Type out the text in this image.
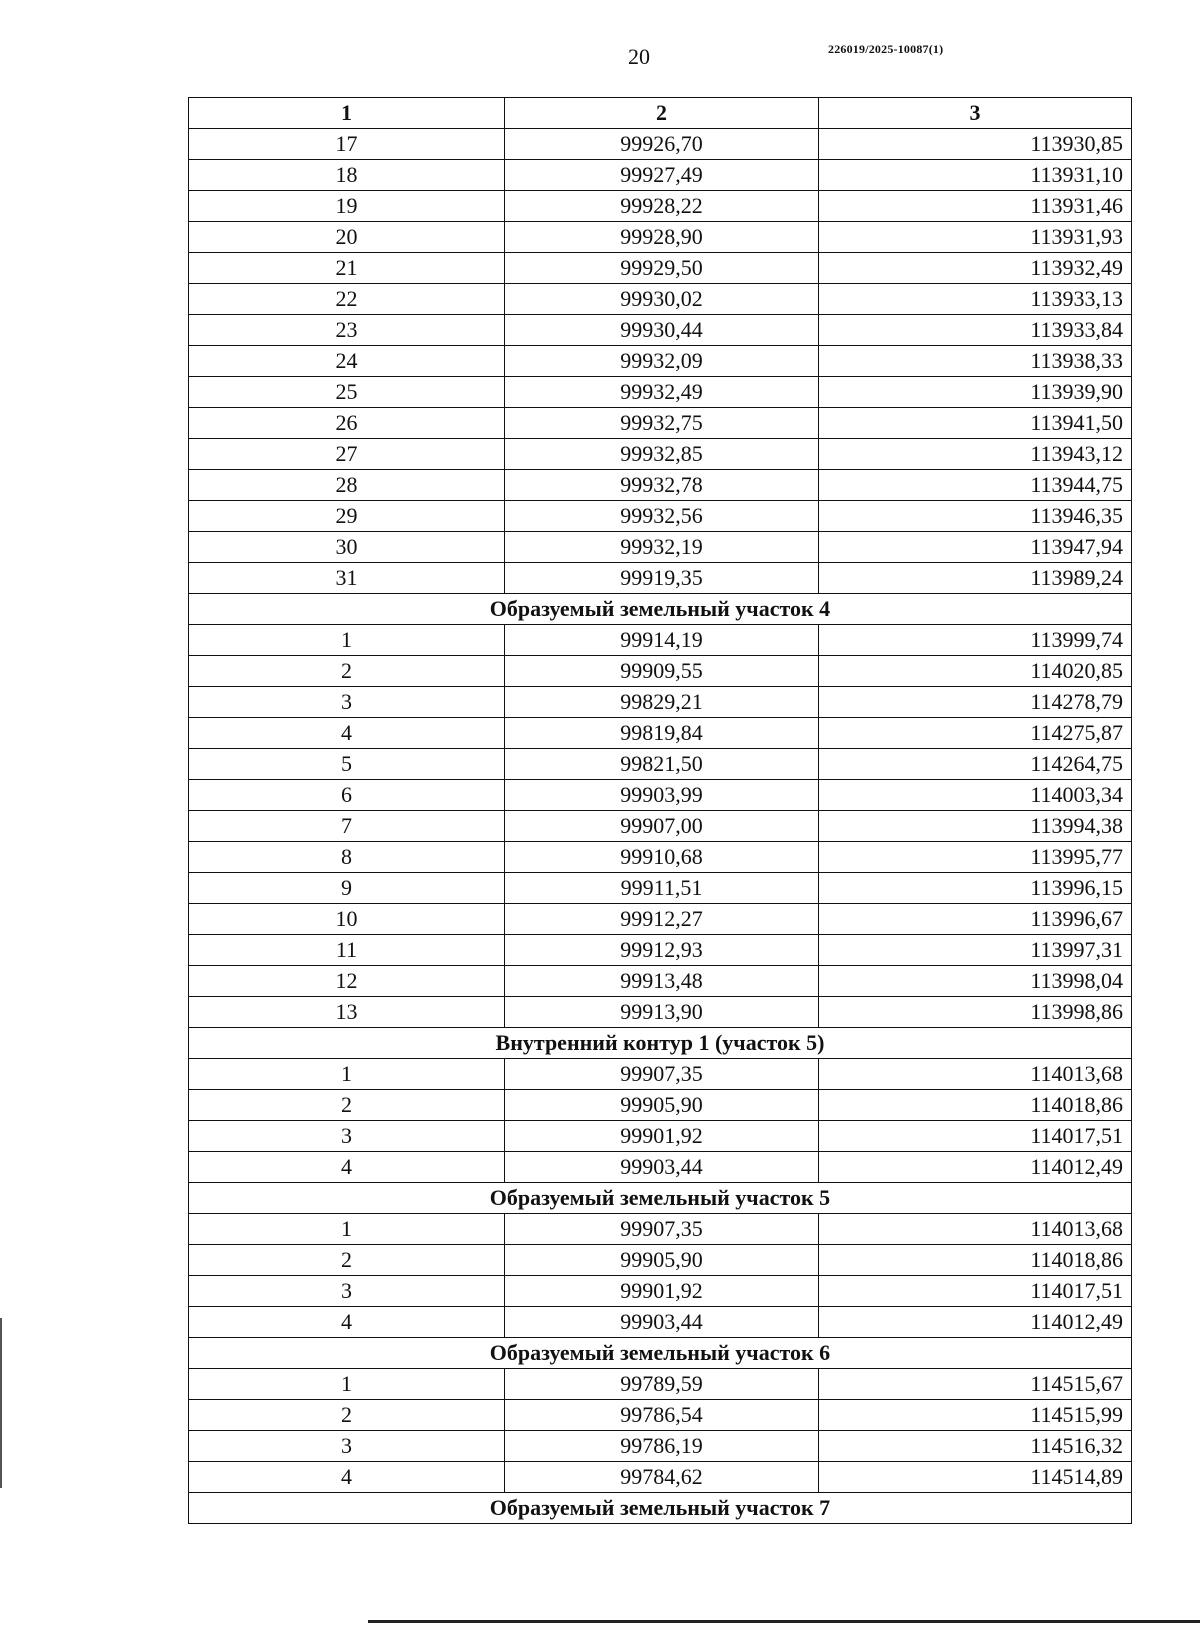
20	226019/2025-10087(1)
1	2	3
17	99926,70	113930,85
18	99927,49	113931,10
19	99928,22	113931,46
20	99928,90	113931,93
21	99929,50	113932,49
22	99930,02	113933,13
23	99930,44	113933,84
24	99932,09	113938,33
25	99932,49	113939,90
26	99932,75	113941,50
27	99932,85	113943,12
28	99932,78	113944,75
29	99932,56	113946,35
30	99932,19	113947,94
31	99919,35	113989,24
Образуемый земельный участок 4		
1	99914,19	113999,74
2	99909,55	114020,85
3	99829,21	114278,79
4	99819,84	114275,87
5	99821,50	114264,75
6	99903,99	114003,34
7	99907,00	113994,38
8	99910,68	113995,77
9	99911,51	113996,15
10	99912,27	113996,67
11	99912,93	113997,31
12	99913,48	113998,04
13	99913,90	113998,86
Внутренний контур 1 (участок 5)		
1	99907,35	114013,68
2	99905,90	114018,86
3	99901,92	114017,51
4	99903,44	114012,49
Образуемый земельный участок 5		
1	99907,35	114013,68
2	99905,90	114018,86
3	99901,92	114017,51
4	99903,44	114012,49
Образуемый земельный участок 6		
1	99789,59	114515,67
2	99786,54	114515,99
3	99786,19	114516,32
4	99784,62	114514,89
Образуемый земельный участок 7		
